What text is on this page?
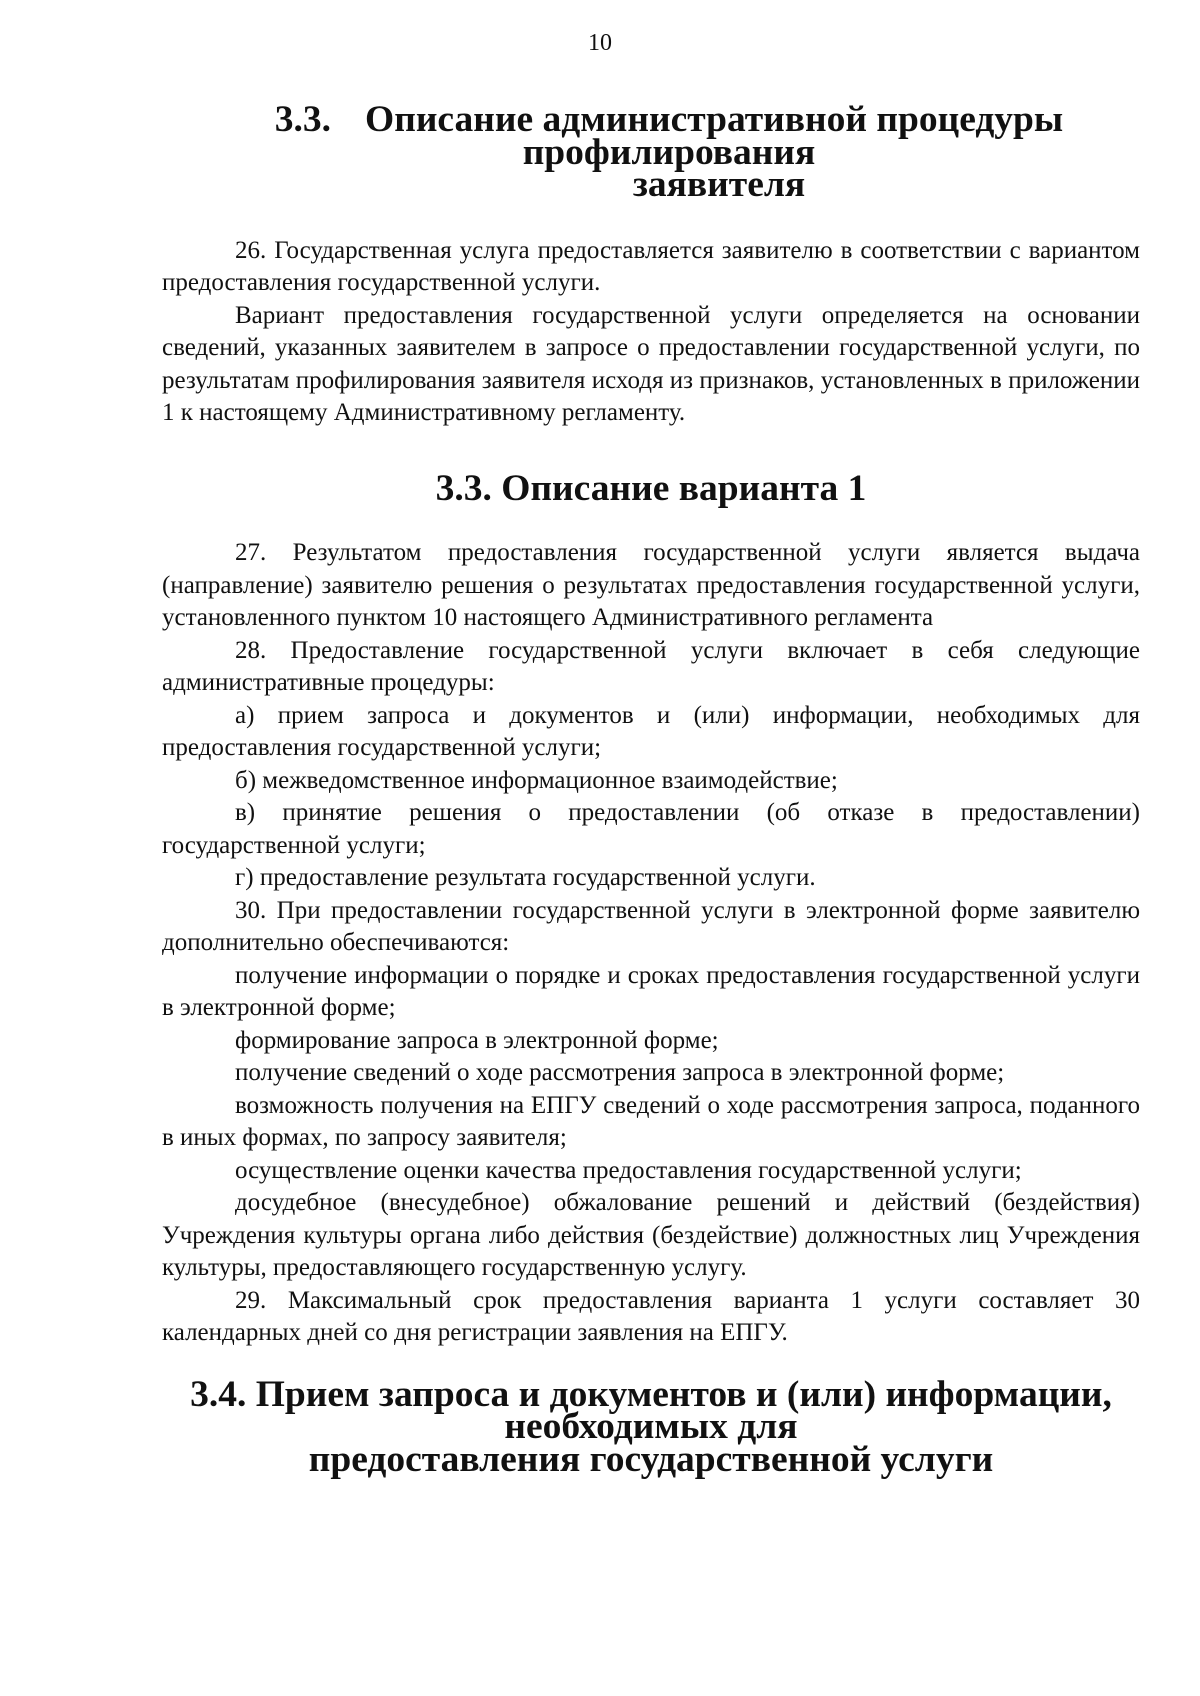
10
3.3. Описание административной процедуры профилирования
заявителя

26. Государственная услуга предоставляется заявителю в соответствии с вариантом предоставления государственной услуги.

Вариант предоставления государственной услуги определяется на основании сведений, указанных заявителем в запросе о предоставлении государственной услуги, по результатам профилирования заявителя исходя из признаков, установленных в приложении 1 к настоящему Административному регламенту.

3.3. Описание варианта 1

27. Результатом предоставления государственной услуги является выдача (направление) заявителю решения о результатах предоставления государственной услуги, установленного пунктом 10 настоящего Административного регламента

28. Предоставление государственной услуги включает в себя следующие административные процедуры:

а) прием запроса и документов и (или) информации, необходимых для предоставления государственной услуги;

б) межведомственное информационное взаимодействие;

в) принятие решения о предоставлении (об отказе в предоставлении) государственной услуги;

г) предоставление результата государственной услуги.

30. При предоставлении государственной услуги в электронной форме заявителю дополнительно обеспечиваются:

получение информации о порядке и сроках предоставления государственной услуги в электронной форме;

формирование запроса в электронной форме;

получение сведений о ходе рассмотрения запроса в электронной форме;

возможность получения на ЕПГУ сведений о ходе рассмотрения запроса, поданного в иных формах, по запросу заявителя;

осуществление оценки качества предоставления государственной услуги;

досудебное (внесудебное) обжалование решений и действий (бездействия) Учреждения культуры органа либо действия (бездействие) должностных лиц Учреждения культуры, предоставляющего государственную услугу.

29. Максимальный срок предоставления варианта 1 услуги составляет 30 календарных дней со дня регистрации заявления на ЕПГУ.

3.4. Прием запроса и документов и (или) информации, необходимых для
предоставления государственной услуги
